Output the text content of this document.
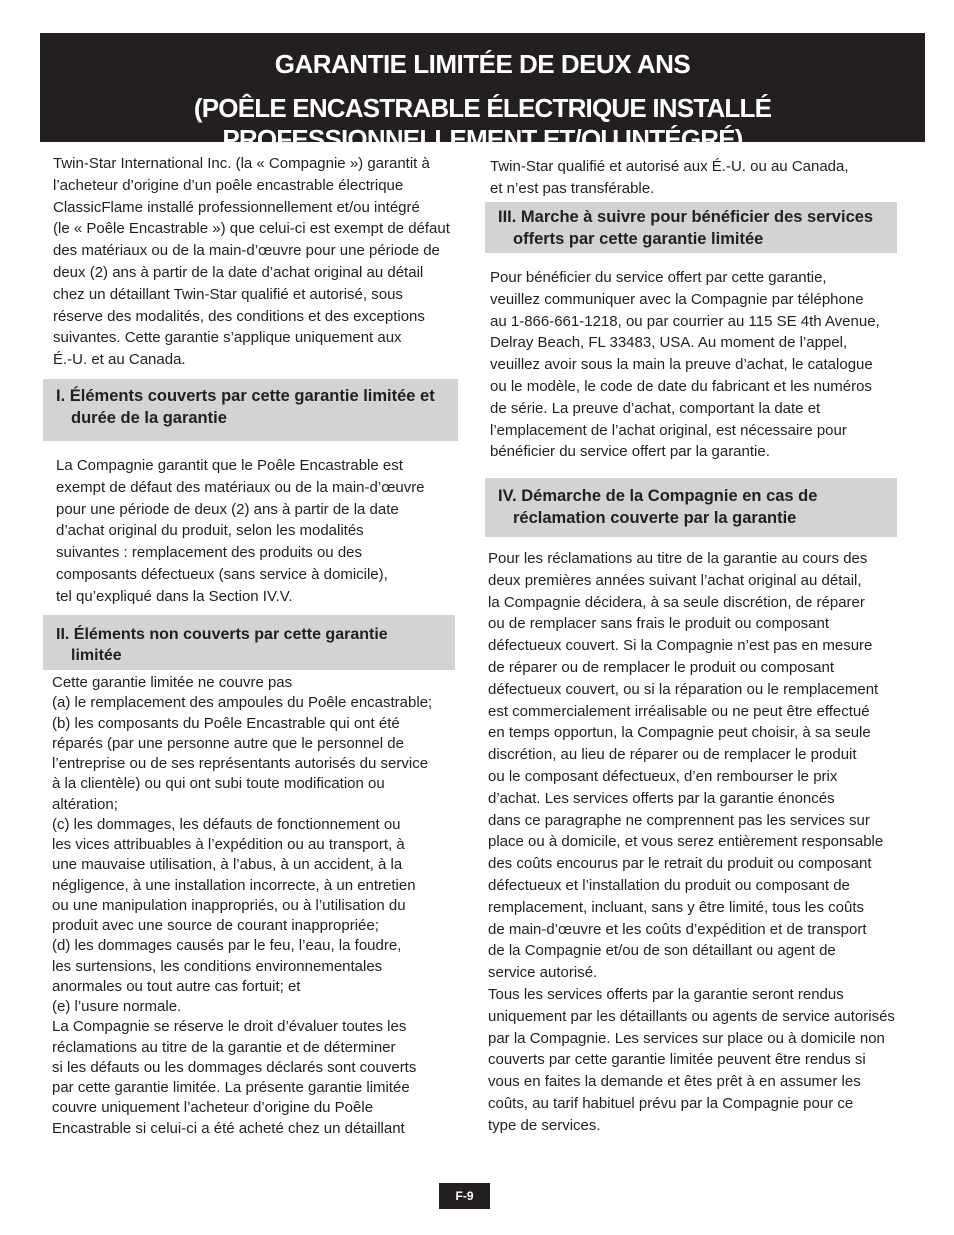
GARANTIE LIMITÉE DE DEUX ANS
(POÊLE ENCASTRABLE ÉLECTRIQUE INSTALLÉ PROFESSIONNELLEMENT ET/OU INTÉGRÉ)
Twin-Star International Inc. (la « Compagnie ») garantit à
l’acheteur d’origine d’un poêle encastrable électrique
ClassicFlame installé professionnellement et/ou intégré
(le « Poêle Encastrable ») que celui-ci est exempt de défaut
des matériaux ou de la main-d’œuvre pour une période de
deux (2) ans à partir de la date d’achat original au détail
chez un détaillant Twin-Star qualifié et autorisé, sous
réserve des modalités, des conditions et des exceptions
suivantes. Cette garantie s’applique uniquement aux
É.-U. et au Canada.
I. Éléments couverts par cette garantie limitée et
durée de la garantie
La Compagnie garantit que le Poêle Encastrable est
exempt de défaut des matériaux ou de la main-d’œuvre
pour une période de deux (2) ans à partir de la date
d’achat original du produit, selon les modalités
suivantes : remplacement des produits ou des
composants défectueux (sans service à domicile),
tel qu’expliqué dans la Section IV.V.
II. Éléments non couverts par cette garantie
limitée
Cette garantie limitée ne couvre pas
(a) le remplacement des ampoules du Poêle encastrable;
(b) les composants du Poêle Encastrable qui ont été
réparés (par une personne autre que le personnel de
l’entreprise ou de ses représentants autorisés du service
à la clientèle) ou qui ont subi toute modification ou
altération;
(c) les dommages, les défauts de fonctionnement ou
les vices attribuables à l’expédition ou au transport, à
une mauvaise utilisation, à l’abus, à un accident, à la
négligence, à une installation incorrecte, à un entretien
ou une manipulation inappropriés, ou à l’utilisation du
produit avec une source de courant inappropriée;
(d) les dommages causés par le feu, l’eau, la foudre,
les surtensions, les conditions environnementales
anormales ou tout autre cas fortuit; et
(e) l’usure normale.
La Compagnie se réserve le droit d’évaluer toutes les
réclamations au titre de la garantie et de déterminer
si les défauts ou les dommages déclarés sont couverts
par cette garantie limitée. La présente garantie limitée
couvre uniquement l’acheteur d’origine du Poêle
Encastrable si celui-ci a été acheté chez un détaillant
Twin-Star qualifié et autorisé aux É.-U. ou au Canada,
et n’est pas transférable.
III. Marche à suivre pour bénéficier des services
offerts par cette garantie limitée
Pour bénéficier du service offert par cette garantie,
veuillez communiquer avec la Compagnie par téléphone
au 1-866-661-1218, ou par courrier au 115 SE 4th Avenue,
Delray Beach, FL 33483, USA. Au moment de l’appel,
veuillez avoir sous la main la preuve d’achat, le catalogue
ou le modèle, le code de date du fabricant et les numéros
de série. La preuve d’achat, comportant la date et
l’emplacement de l’achat original, est nécessaire pour
bénéficier du service offert par la garantie.
IV. Démarche de la Compagnie en cas de
réclamation couverte par la garantie
Pour les réclamations au titre de la garantie au cours des
deux premières années suivant l’achat original au détail,
la Compagnie décidera, à sa seule discrétion, de réparer
ou de remplacer sans frais le produit ou composant
défectueux couvert. Si la Compagnie n’est pas en mesure
de réparer ou de remplacer le produit ou composant
défectueux couvert, ou si la réparation ou le remplacement
est commercialement irréalisable ou ne peut être effectué
en temps opportun, la Compagnie peut choisir, à sa seule
discrétion, au lieu de réparer ou de remplacer le produit
ou le composant défectueux, d’en rembourser le prix
d’achat. Les services offerts par la garantie énoncés
dans ce paragraphe ne comprennent pas les services sur
place ou à domicile, et vous serez entièrement responsable
des coûts encourus par le retrait du produit ou composant
défectueux et l’installation du produit ou composant de
remplacement, incluant, sans y être limité, tous les coûts
de main-d’œuvre et les coûts d’expédition et de transport
de la Compagnie et/ou de son détaillant ou agent de
service autorisé.
Tous les services offerts par la garantie seront rendus
uniquement par les détaillants ou agents de service autorisés
par la Compagnie. Les services sur place ou à domicile non
couverts par cette garantie limitée peuvent être rendus si
vous en faites la demande et êtes prêt à en assumer les
coûts, au tarif habituel prévu par la Compagnie pour ce
type de services.
F-9
